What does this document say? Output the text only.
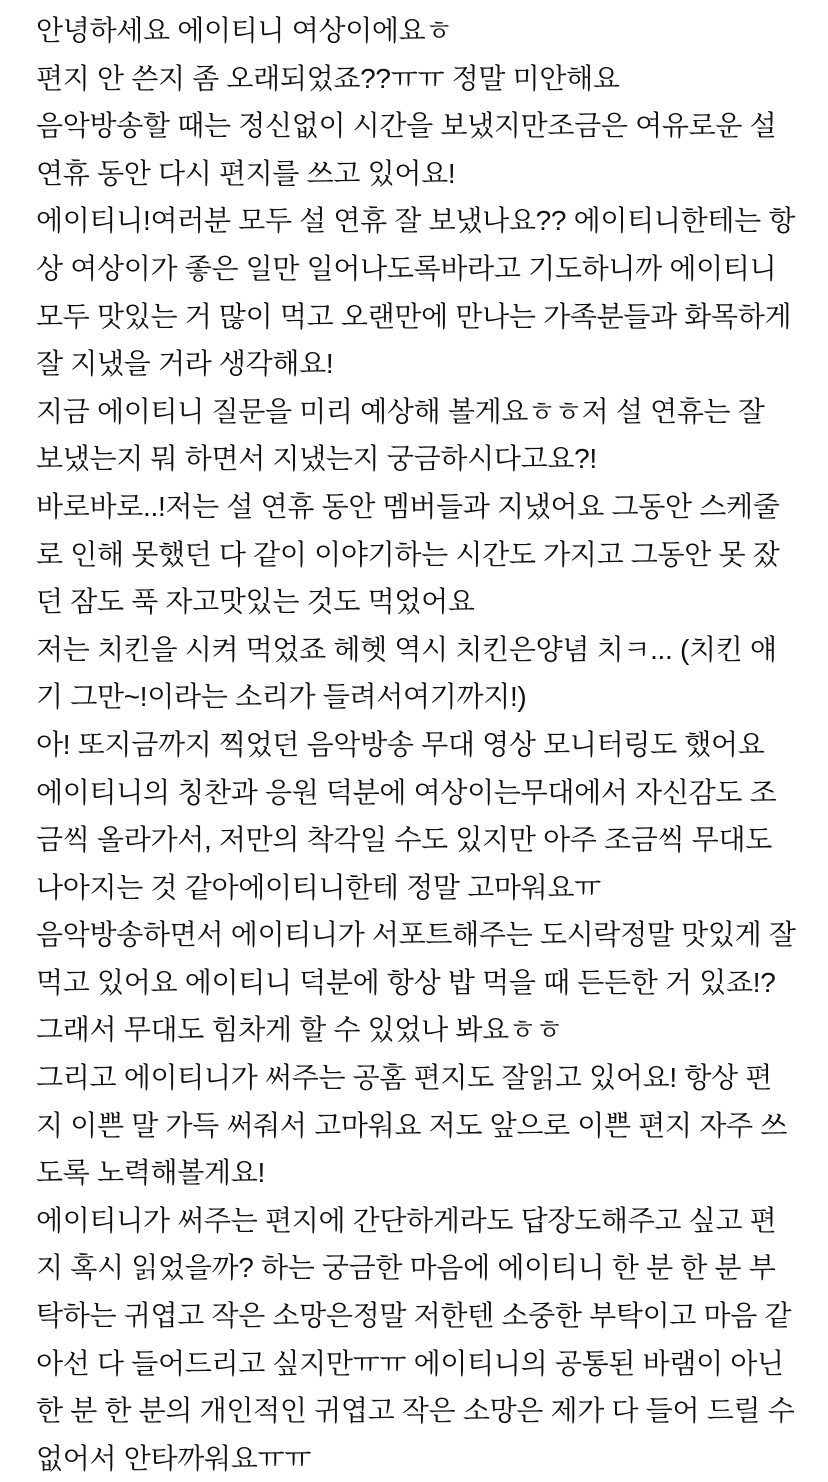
안녕하세요 에이티니 여상이에요ㅎ

편지 안 쓴지 좀 오래되었죠??ㅠㅠ 정말 미안해요

음악방송할 때는 정신없이 시간을 보냈지만조금은 여유로운 설 연휴 동안 다시 편지를 쓰고 있어요!

에이티니!여러분 모두 설 연휴 잘 보냈나요?? 에이티니한테는 항상 여상이가 좋은 일만 일어나도록바라고 기도하니까 에이티니 모두 맛있는 거 많이 먹고 오랜만에 만나는 가족분들과 화목하게 잘 지냈을 거라 생각해요!

지금 에이티니 질문을 미리 예상해 볼게요ㅎㅎ저 설 연휴는 잘 보냈는지 뭐 하면서 지냈는지 궁금하시다고요?!

바로바로..!저는 설 연휴 동안 멤버들과 지냈어요 그동안 스케줄로 인해 못했던 다 같이 이야기하는 시간도 가지고 그동안 못 잤던 잠도 푹 자고맛있는 것도 먹었어요

저는 치킨을 시켜 먹었죠 헤헷 역시 치킨은양념 치ㅋ... (치킨 얘기 그만~!이라는 소리가 들려서여기까지!)

아! 또지금까지 찍었던 음악방송 무대 영상 모니터링도 했어요

에이티니의 칭찬과 응원 덕분에 여상이는무대에서 자신감도 조금씩 올라가서, 저만의 착각일 수도 있지만 아주 조금씩 무대도 나아지는 것 같아에이티니한테 정말 고마워요ㅠ

음악방송하면서 에이티니가 서포트해주는 도시락정말 맛있게 잘 먹고 있어요 에이티니 덕분에 항상 밥 먹을 때 든든한 거 있죠!? 그래서 무대도 힘차게 할 수 있었나 봐요ㅎㅎ

그리고 에이티니가 써주는 공홈 편지도 잘읽고 있어요! 항상 편지 이쁜 말 가득 써줘서 고마워요 저도 앞으로 이쁜 편지 자주 쓰도록 노력해볼게요!

에이티니가 써주는 편지에 간단하게라도 답장도해주고 싶고 편지 혹시 읽었을까? 하는 궁금한 마음에 에이티니 한 분 한 분 부탁하는 귀엽고 작은 소망은정말 저한텐 소중한 부탁이고 마음 같아선 다 들어드리고 싶지만ㅠㅠ 에이티니의 공통된 바램이 아닌 한 분 한 분의 개인적인 귀엽고 작은 소망은 제가 다 들어 드릴 수 없어서 안타까워요ㅠㅠ
